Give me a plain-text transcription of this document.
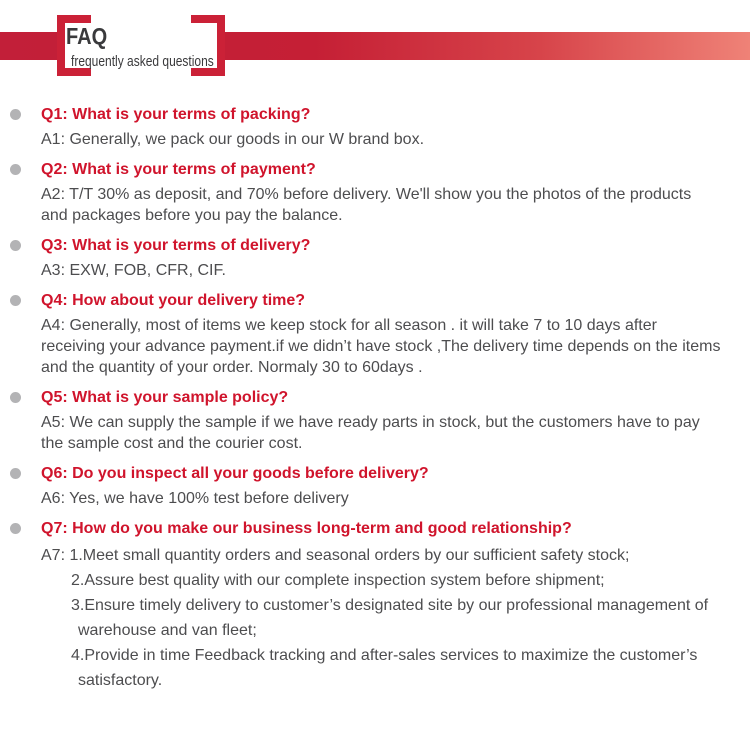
FAQ
frequently asked questions
Q1: What is your terms of packing?
A1: Generally, we pack our goods in our W brand box.
Q2: What is your terms of payment?
A2: T/T 30% as deposit, and 70% before delivery. We'll show you the photos of the products
and packages before you pay the balance.
Q3: What is your terms of delivery?
A3: EXW, FOB, CFR, CIF.
Q4: How about your delivery time?
A4: Generally, most of items we keep stock for all season . it will take 7 to 10 days after
receiving your advance payment.if we didn’t have stock ,The delivery time depends on the items
and the quantity of your order. Normaly 30 to 60days .
Q5: What is your sample policy?
A5: We can supply the sample if we have ready parts in stock, but the customers have to pay
the sample cost and the courier cost.
Q6: Do you inspect all your goods before delivery?
A6: Yes, we have 100% test before delivery
Q7: How do you make our business long-term and good relationship?
A7: 1.Meet small quantity orders and seasonal orders by our sufficient safety stock;
2.Assure best quality with our complete inspection system before shipment;
3.Ensure timely delivery to customer’s designated site by our professional management of
warehouse and van fleet;
4.Provide in time Feedback tracking and after-sales services to maximize the customer’s
satisfactory.
